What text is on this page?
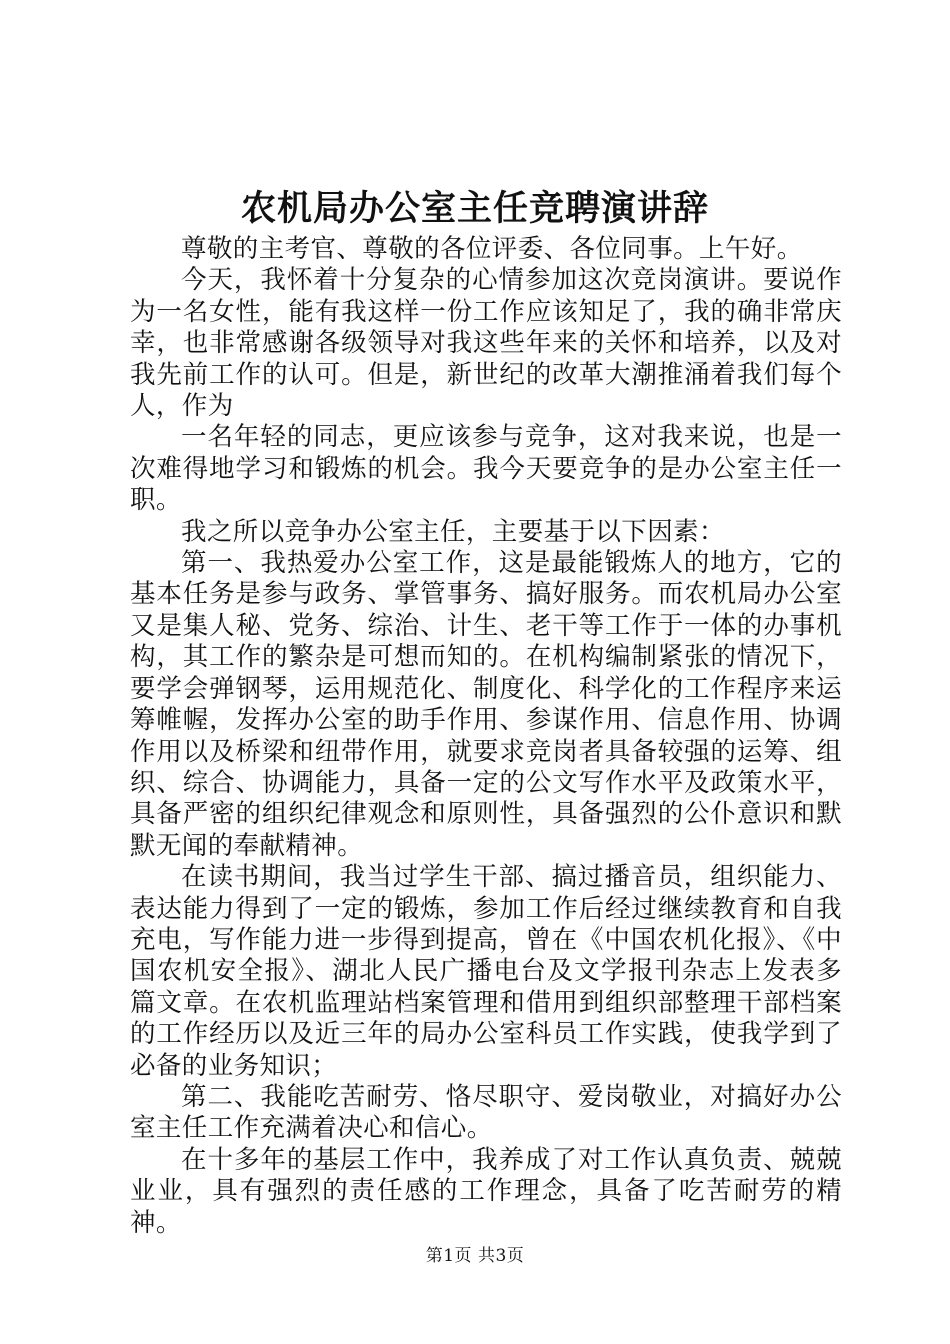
农机局办公室主任竞聘演讲辞

尊敬的主考官、尊敬的各位评委、各位同事。上午好。

今天，我怀着十分复杂的心情参加这次竞岗演讲。要说作为一名女性，能有我这样一份工作应该知足了，我的确非常庆幸，也非常感谢各级领导对我这些年来的关怀和培养，以及对我先前工作的认可。但是，新世纪的改革大潮推涌着我们每个人，作为

一名年轻的同志，更应该参与竞争，这对我来说，也是一次难得地学习和锻炼的机会。我今天要竞争的是办公室主任一职。

我之所以竞争办公室主任，主要基于以下因素：

第一、我热爱办公室工作，这是最能锻炼人的地方，它的基本任务是参与政务、掌管事务、搞好服务。而农机局办公室又是集人秘、党务、综治、计生、老干等工作于一体的办事机构，其工作的繁杂是可想而知的。在机构编制紧张的情况下，要学会弹钢琴，运用规范化、制度化、科学化的工作程序来运筹帷幄，发挥办公室的助手作用、参谋作用、信息作用、协调作用以及桥梁和纽带作用，就要求竞岗者具备较强的运筹、组织、综合、协调能力，具备一定的公文写作水平及政策水平，具备严密的组织纪律观念和原则性，具备强烈的公仆意识和默默无闻的奉献精神。

在读书期间，我当过学生干部、搞过播音员，组织能力、表达能力得到了一定的锻炼，参加工作后经过继续教育和自我充电，写作能力进一步得到提高，曾在《中国农机化报》、《中国农机安全报》、湖北人民广播电台及文学报刊杂志上发表多篇文章。在农机监理站档案管理和借用到组织部整理干部档案的工作经历以及近三年的局办公室科员工作实践，使我学到了必备的业务知识；

第二、我能吃苦耐劳、恪尽职守、爱岗敬业，对搞好办公室主任工作充满着决心和信心。

在十多年的基层工作中，我养成了对工作认真负责、兢兢业业，具有强烈的责任感的工作理念，具备了吃苦耐劳的精神。

第1页 共3页
